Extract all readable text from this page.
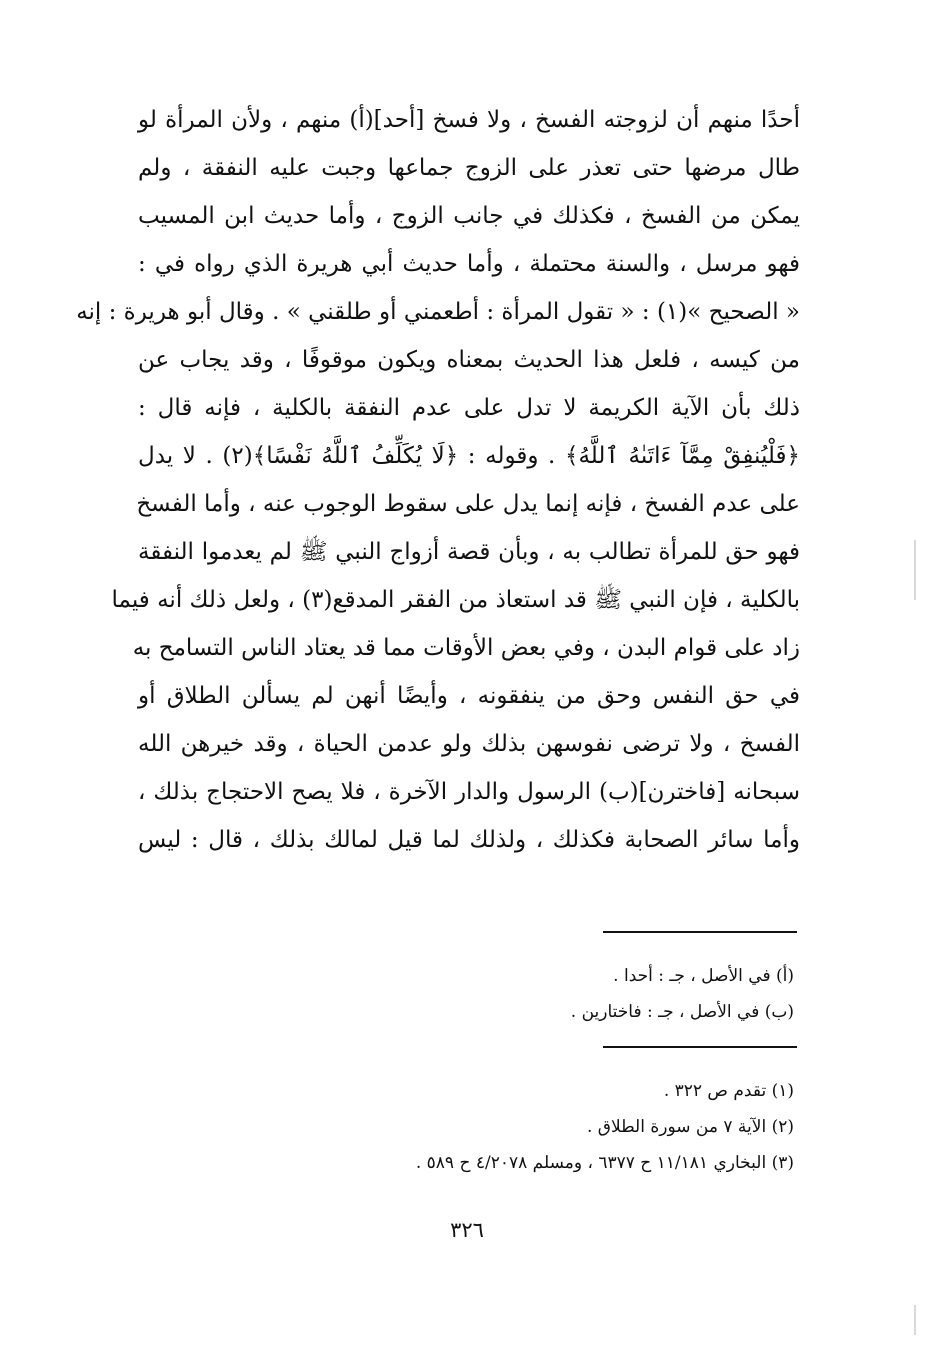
أحدًا منهم أن لزوجته الفسخ ، ولا فسخ [أحد](أ) منهم ، ولأن المرأة لو
طال مرضها حتى تعذر على الزوج جماعها وجبت عليه النفقة ، ولم
يمكن من الفسخ ، فكذلك في جانب الزوج ، وأما حديث ابن المسيب
فهو مرسل ، والسنة محتملة ، وأما حديث أبي هريرة الذي رواه في :
« الصحيح »(١) : « تقول المرأة : أطعمني أو طلقني » . وقال أبو هريرة : إنه
من كيسه ، فلعل هذا الحديث بمعناه ويكون موقوفًا ، وقد يجاب عن
ذلك بأن الآية الكريمة لا تدل على عدم النفقة بالكلية ، فإنه قال :
﴿فَلْيُنفِقْ مِمَّآ ءَاتَىٰهُ ٱللَّهُ﴾ . وقوله : ﴿لَا يُكَلِّفُ ٱللَّهُ نَفْسًا﴾(٢) . لا يدل
على عدم الفسخ ، فإنه إنما يدل على سقوط الوجوب عنه ، وأما الفسخ
فهو حق للمرأة تطالب به ، وبأن قصة أزواج النبي ﷺ لم يعدموا النفقة
بالكلية ، فإن النبي ﷺ قد استعاذ من الفقر المدقع(٣) ، ولعل ذلك أنه فيما
زاد على قوام البدن ، وفي بعض الأوقات مما قد يعتاد الناس التسامح به
في حق النفس وحق من ينفقونه ، وأيضًا أنهن لم يسألن الطلاق أو
الفسخ ، ولا ترضى نفوسهن بذلك ولو عدمن الحياة ، وقد خيرهن الله
سبحانه [فاخترن](ب) الرسول والدار الآخرة ، فلا يصح الاحتجاج بذلك ،
وأما سائر الصحابة فكذلك ، ولذلك لما قيل لمالك بذلك ، قال : ليس
(أ) في الأصل ، جـ : أحدا .
(ب) في الأصل ، جـ : فاختارين .
(١) تقدم ص ٣٢٢ .
(٢) الآية ٧ من سورة الطلاق .
(٣) البخاري ١١/١٨١ ح ٦٣٧٧ ، ومسلم ٤/٢٠٧٨ ح ٥٨٩ .
٣٢٦
